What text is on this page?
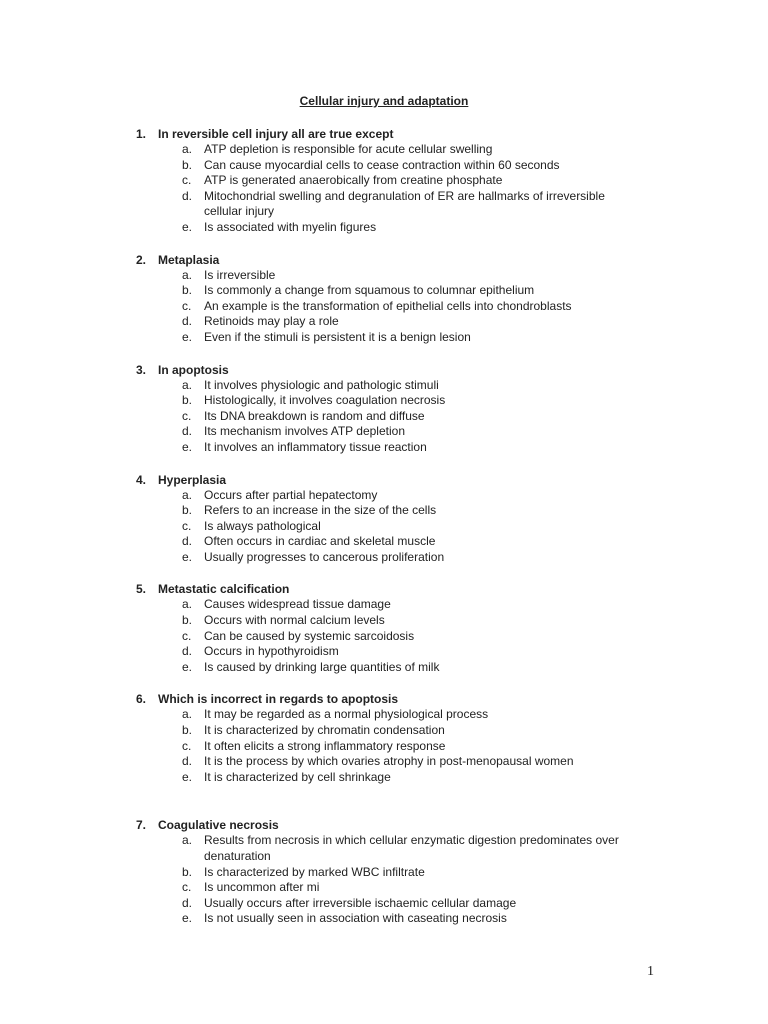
Cellular injury and adaptation
1. In reversible cell injury all are true except
a. ATP depletion is responsible for acute cellular swelling
b. Can cause myocardial cells to cease contraction within 60 seconds
c. ATP is generated anaerobically from creatine phosphate
d. Mitochondrial swelling and degranulation of ER are hallmarks of irreversible cellular injury
e. Is associated with myelin figures
2. Metaplasia
a. Is irreversible
b. Is commonly a change from squamous to columnar epithelium
c. An example is the transformation of epithelial cells into chondroblasts
d. Retinoids may play a role
e. Even if the stimuli is persistent it is a benign lesion
3. In apoptosis
a. It involves physiologic and pathologic stimuli
b. Histologically, it involves coagulation necrosis
c. Its DNA breakdown is random and diffuse
d. Its mechanism involves ATP depletion
e. It involves an inflammatory tissue reaction
4. Hyperplasia
a. Occurs after partial hepatectomy
b. Refers to an increase in the size of the cells
c. Is always pathological
d. Often occurs in cardiac and skeletal muscle
e. Usually progresses to cancerous proliferation
5. Metastatic calcification
a. Causes widespread tissue damage
b. Occurs with normal calcium levels
c. Can be caused by systemic sarcoidosis
d. Occurs in hypothyroidism
e. Is caused by drinking large quantities of milk
6. Which is incorrect in regards to apoptosis
a. It may be regarded as a normal physiological process
b. It is characterized by chromatin condensation
c. It often elicits a strong inflammatory response
d. It is the process by which ovaries atrophy in post-menopausal women
e. It is characterized by cell shrinkage
7. Coagulative necrosis
a. Results from necrosis in which cellular enzymatic digestion predominates over denaturation
b. Is characterized by marked WBC infiltrate
c. Is uncommon after mi
d. Usually occurs after irreversible ischaemic cellular damage
e. Is not usually seen in association with caseating necrosis
1
